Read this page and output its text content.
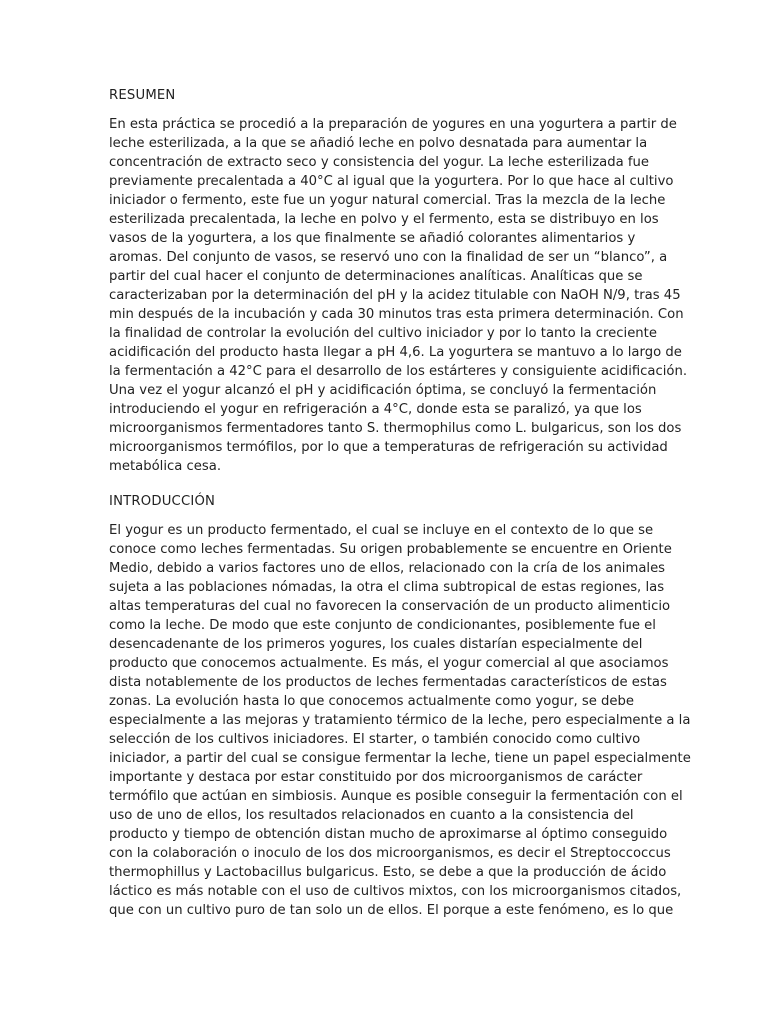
RESUMEN

En esta práctica se procedió a la preparación de yogures en una yogurtera a partir de
leche esterilizada, a la que se añadió leche en polvo desnatada para aumentar la
concentración de extracto seco y consistencia del yogur. La leche esterilizada fue
previamente precalentada a 40°C al igual que la yogurtera. Por lo que hace al cultivo
iniciador o fermento, este fue un yogur natural comercial. Tras la mezcla de la leche
esterilizada precalentada, la leche en polvo y el fermento, esta se distribuyo en los
vasos de la yogurtera, a los que finalmente se añadió colorantes alimentarios y
aromas. Del conjunto de vasos, se reservó uno con la finalidad de ser un “blanco”, a
partir del cual hacer el conjunto de determinaciones analíticas. Analíticas que se
caracterizaban por la determinación del pH y la acidez titulable con NaOH N/9, tras 45
min después de la incubación y cada 30 minutos tras esta primera determinación. Con
la finalidad de controlar la evolución del cultivo iniciador y por lo tanto la creciente
acidificación del producto hasta llegar a pH 4,6. La yogurtera se mantuvo a lo largo de
la fermentación a 42°C para el desarrollo de los estárteres y consiguiente acidificación.
Una vez el yogur alcanzó el pH y acidificación óptima, se concluyó la fermentación
introduciendo el yogur en refrigeración a 4°C, donde esta se paralizó, ya que los
microorganismos fermentadores tanto S. thermophilus como L. bulgaricus, son los dos
microorganismos termófilos, por lo que a temperaturas de refrigeración su actividad
metabólica cesa.

INTRODUCCIÓN

El yogur es un producto fermentado, el cual se incluye en el contexto de lo que se
conoce como leches fermentadas. Su origen probablemente se encuentre en Oriente
Medio, debido a varios factores uno de ellos, relacionado con la cría de los animales
sujeta a las poblaciones nómadas, la otra el clima subtropical de estas regiones, las
altas temperaturas del cual no favorecen la conservación de un producto alimenticio
como la leche. De modo que este conjunto de condicionantes, posiblemente fue el
desencadenante de los primeros yogures, los cuales distarían especialmente del
producto que conocemos actualmente. Es más, el yogur comercial al que asociamos
dista notablemente de los productos de leches fermentadas característicos de estas
zonas. La evolución hasta lo que conocemos actualmente como yogur, se debe
especialmente a las mejoras y tratamiento térmico de la leche, pero especialmente a la
selección de los cultivos iniciadores. El starter, o también conocido como cultivo
iniciador, a partir del cual se consigue fermentar la leche, tiene un papel especialmente
importante y destaca por estar constituido por dos microorganismos de carácter
termófilo que actúan en simbiosis. Aunque es posible conseguir la fermentación con el
uso de uno de ellos, los resultados relacionados en cuanto a la consistencia del
producto y tiempo de obtención distan mucho de aproximarse al óptimo conseguido
con la colaboración o inoculo de los dos microorganismos, es decir el Streptoccoccus
thermophillus y Lactobacillus bulgaricus. Esto, se debe a que la producción de ácido
láctico es más notable con el uso de cultivos mixtos, con los microorganismos citados,
que con un cultivo puro de tan solo un de ellos. El porque a este fenómeno, es lo que
